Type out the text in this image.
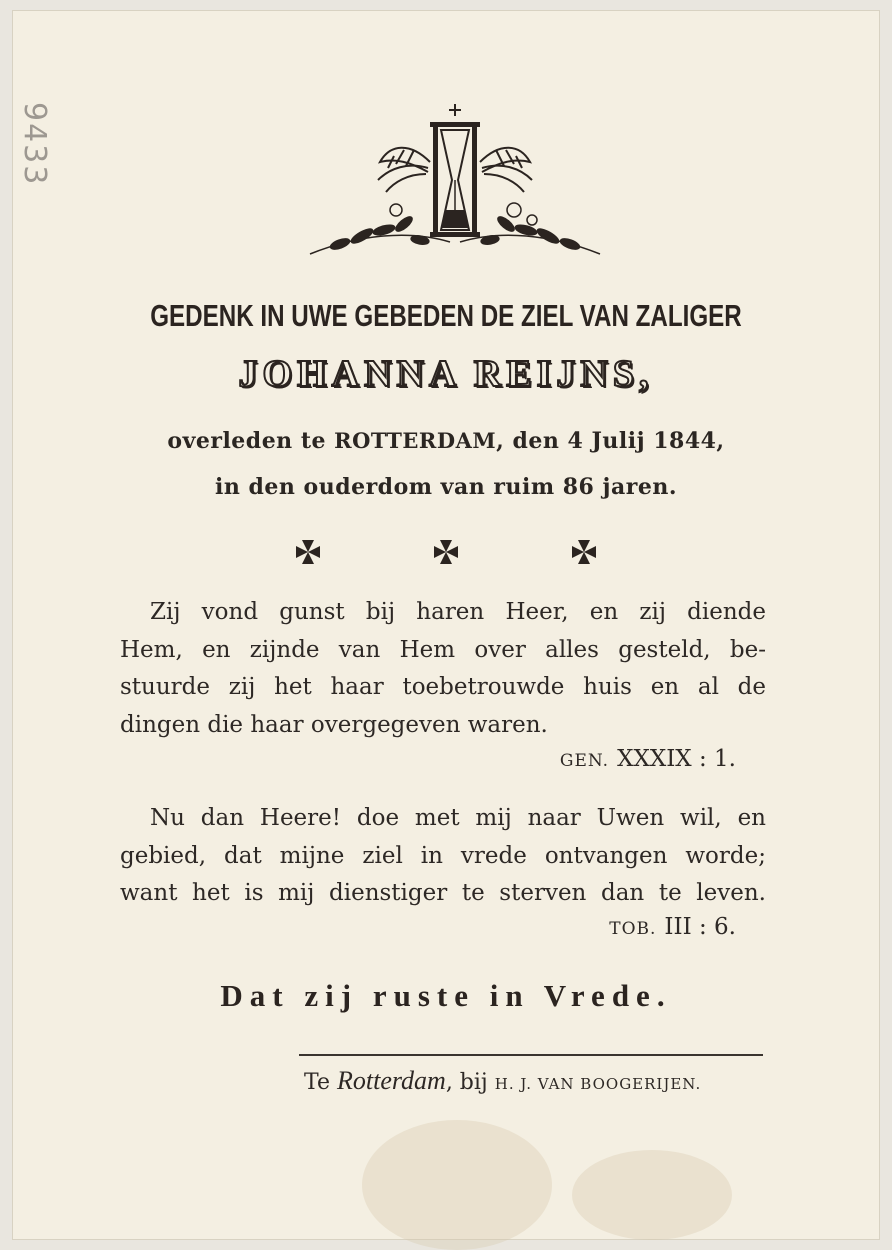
9433
GEDENK IN UWE GEBEDEN DE ZIEL VAN ZALIGER
JOHANNA REIJNS,
overleden te ROTTERDAM, den 4 Julij 1844,
in den ouderdom van ruim 86 jaren.
Zij vond gunst bij haren Heer, en zij diende
Hem, en zijnde van Hem over alles gesteld, be-
stuurde zij het haar toebetrouwde huis en al de
dingen die haar overgegeven waren.
GEN. XXXIX : 1.
Nu dan Heere! doe met mij naar Uwen wil, en
gebied, dat mijne ziel in vrede ontvangen worde;
want het is mij dienstiger te sterven dan te leven.
TOB. III : 6.
Dat zij ruste in Vrede.
Te Rotterdam, bij H. J. VAN BOOGERIJEN.
